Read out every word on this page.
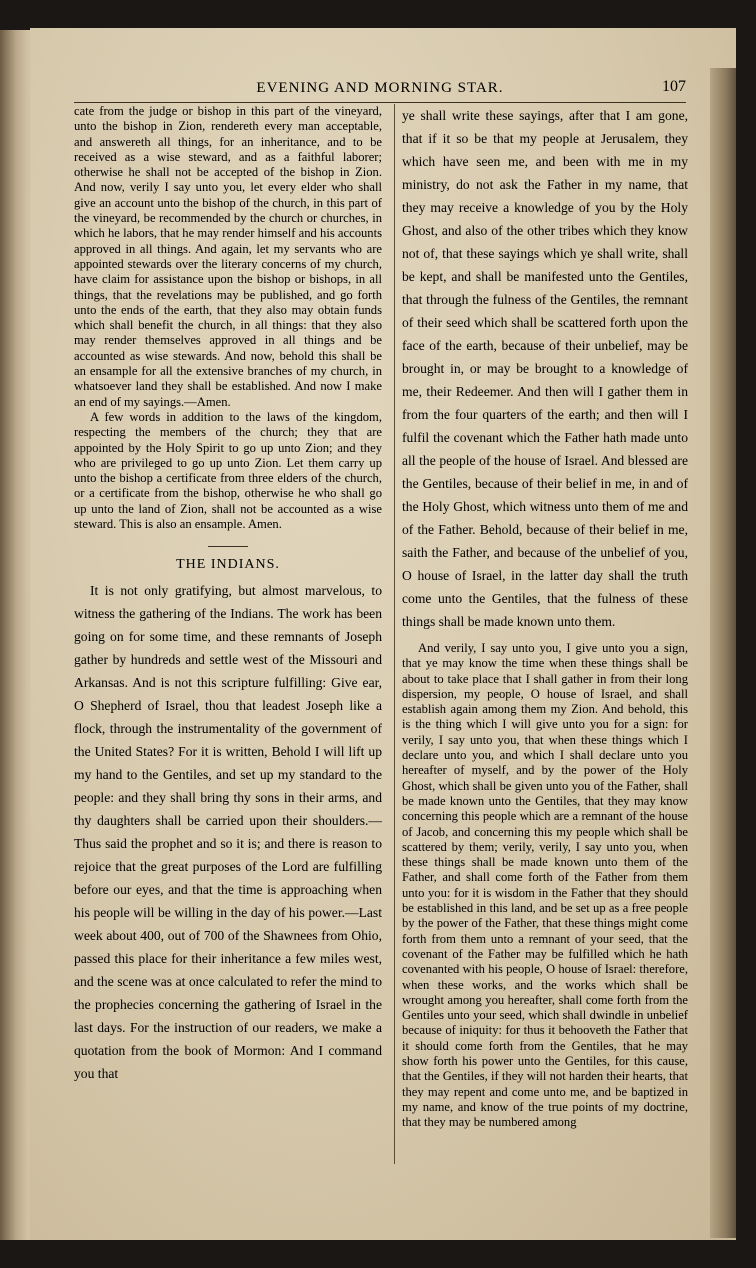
EVENING AND MORNING STAR.	107

cate from the judge or bishop in this part of the vineyard, unto the bishop in Zion, rendereth every man acceptable, and answereth all things, for an inheritance, and to be received as a wise steward, and as a faithful laborer; otherwise he shall not be accepted of the bishop in Zion. And now, verily I say unto you, let every elder who shall give an account unto the bishop of the church, in this part of the vineyard, be recommended by the church or churches, in which he labors, that he may render himself and his accounts approved in all things. And again, let my servants who are appointed stewards over the literary concerns of my church, have claim for assistance upon the bishop or bishops, in all things, that the revelations may be published, and go forth unto the ends of the earth, that they also may obtain funds which shall benefit the church, in all things: that they also may render themselves approved in all things and be accounted as wise stewards. And now, behold this shall be an ensample for all the extensive branches of my church, in whatsoever land they shall be established. And now I make an end of my sayings.—Amen.

A few words in addition to the laws of the kingdom, respecting the members of the church; they that are appointed by the Holy Spirit to go up unto Zion; and they who are privileged to go up unto Zion. Let them carry up unto the bishop a certificate from three elders of the church, or a certificate from the bishop, otherwise he who shall go up unto the land of Zion, shall not be accounted as a wise steward. This is also an ensample. Amen.

THE INDIANS.

It is not only gratifying, but almost marvelous, to witness the gathering of the Indians. The work has been going on for some time, and these remnants of Joseph gather by hundreds and settle west of the Missouri and Arkansas. And is not this scripture fulfilling: Give ear, O Shepherd of Israel, thou that leadest Joseph like a flock, through the instrumentality of the government of the United States? For it is written, Behold I will lift up my hand to the Gentiles, and set up my standard to the people: and they shall bring thy sons in their arms, and thy daughters shall be carried upon their shoulders.—Thus said the prophet and so it is; and there is reason to rejoice that the great purposes of the Lord are fulfilling before our eyes, and that the time is approaching when his people will be willing in the day of his power.—Last week about 400, out of 700 of the Shawnees from Ohio, passed this place for their inheritance a few miles west, and the scene was at once calculated to refer the mind to the prophecies concerning the gathering of Israel in the last days. For the instruction of our readers, we make a quotation from the book of Mormon: And I command you that

ye shall write these sayings, after that I am gone, that if it so be that my people at Jerusalem, they which have seen me, and been with me in my ministry, do not ask the Father in my name, that they may receive a knowledge of you by the Holy Ghost, and also of the other tribes which they know not of, that these sayings which ye shall write, shall be kept, and shall be manifested unto the Gentiles, that through the fulness of the Gentiles, the remnant of their seed which shall be scattered forth upon the face of the earth, because of their unbelief, may be brought in, or may be brought to a knowledge of me, their Redeemer. And then will I gather them in from the four quarters of the earth; and then will I fulfil the covenant which the Father hath made unto all the people of the house of Israel. And blessed are the Gentiles, because of their belief in me, in and of the Holy Ghost, which witness unto them of me and of the Father. Behold, because of their belief in me, saith the Father, and because of the unbelief of you, O house of Israel, in the latter day shall the truth come unto the Gentiles, that the fulness of these things shall be made known unto them.

And verily, I say unto you, I give unto you a sign, that ye may know the time when these things shall be about to take place that I shall gather in from their long dispersion, my people, O house of Israel, and shall establish again among them my Zion. And behold, this is the thing which I will give unto you for a sign: for verily, I say unto you, that when these things which I declare unto you, and which I shall declare unto you hereafter of myself, and by the power of the Holy Ghost, which shall be given unto you of the Father, shall be made known unto the Gentiles, that they may know concerning this people which are a remnant of the house of Jacob, and concerning this my people which shall be scattered by them; verily, verily, I say unto you, when these things shall be made known unto them of the Father, and shall come forth of the Father from them unto you: for it is wisdom in the Father that they should be established in this land, and be set up as a free people by the power of the Father, that these things might come forth from them unto a remnant of your seed, that the covenant of the Father may be fulfilled which he hath covenanted with his people, O house of Israel: therefore, when these works, and the works which shall be wrought among you hereafter, shall come forth from the Gentiles unto your seed, which shall dwindle in unbelief because of iniquity: for thus it behooveth the Father that it should come forth from the Gentiles, that he may show forth his power unto the Gentiles, for this cause, that the Gentiles, if they will not harden their hearts, that they may repent and come unto me, and be baptized in my name, and know of the true points of my doctrine, that they may be numbered among
